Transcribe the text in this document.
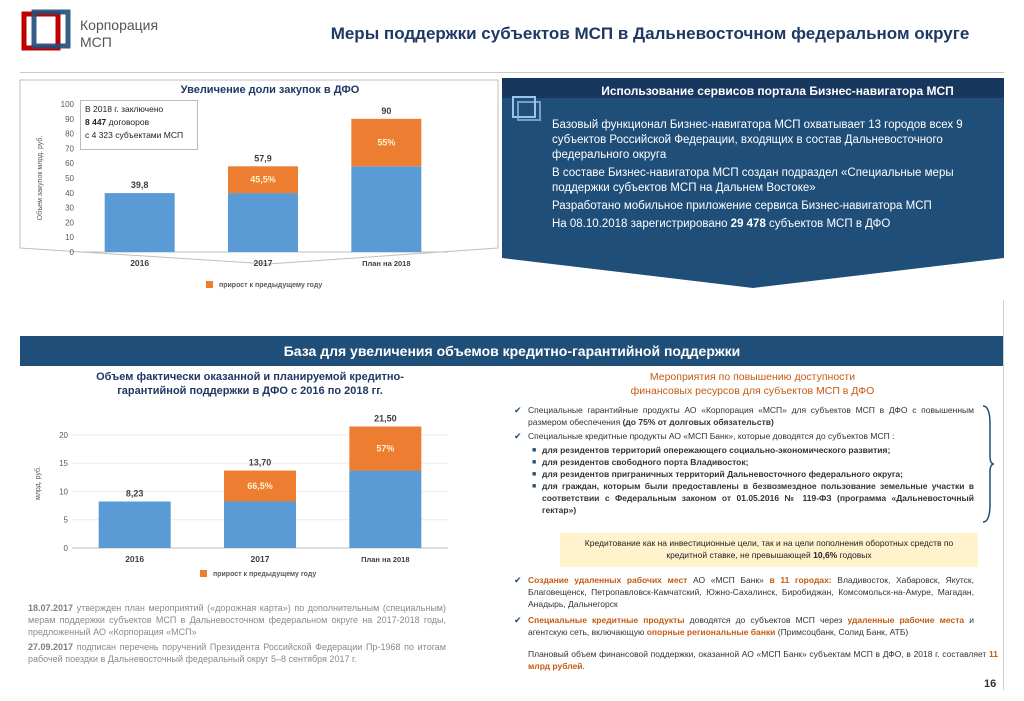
Корпорация
МСП	Меры поддержки субъектов МСП в Дальневосточном федеральном округе
Увеличение доли закупок в ДФО
0
10
20
30
40
50
60
70
80
90
100
Объем закупок млрд. руб.	39,8
2016
45,5%
57,9
2017
55%
90
План на 2018
прирост к предыдущему году
В 2018 г. заключено
8 447 договоров
с 4 323 субъектами МСП
Использование сервисов портала Бизнес-навигатора МСП

Базовый функционал Бизнес-навигатора МСП охватывает 13 городов всех 9 субъектов Российской Федерации, входящих в состав Дальневосточного федерального округа

В составе Бизнес-навигатора МСП создан подраздел «Специальные меры поддержки субъектов МСП на Дальнем Востоке»

Разработано мобильное приложение сервиса Бизнес-навигатора МСП

На 08.10.2018 зарегистрировано 29 478 субъектов МСП в ДФО

База для увеличения объемов кредитно-гарантийной поддержки
Объем фактически оказанной и планируемой кредитно-
гарантийной поддержки в ДФО с 2016 по 2018 гг.
0
5
10
15
20
млрд. руб.	8,23
2016
66,5%
13,70
2017
57%
21,50
План на 2018
прирост к предыдущему году
18.07.2017 утвержден план мероприятий («дорожная карта») по дополнительным (специальным) мерам поддержки субъектов МСП в Дальневосточном федеральном округе на 2017-2018 годы, предложенный АО «Корпорация «МСП»
27.09.2017 подписан перечень поручений Президента Российской Федерации Пр-1968 по итогам рабочей поездки в Дальневосточный федеральный округ 5–8 сентября 2017 г.
Мероприятия по повышению доступности
финансовых ресурсов для субъектов МСП в ДФО
✔ Специальные гарантийные продукты АО «Корпорация «МСП» для субъектов МСП в ДФО с повышенным размером обеспечения (до 75% от долговых обязательств)
✔ Специальные кредитные продукты АО «МСП Банк», которые доводятся до субъектов МСП :
■ для резидентов территорий опережающего социально-экономического развития;
■ для резидентов свободного порта Владивосток;
■ для резидентов приграничных территорий Дальневосточного федерального округа;
■ для граждан, которым были предоставлены в безвозмездное пользование земельные участки в соответствии с Федеральным законом от 01.05.2016 № 119-ФЗ (программа «Дальневосточный гектар»)
Кредитование как на инвестиционные цели, так и на цели пополнения оборотных средств по
кредитной ставке, не превышающей 10,6% годовых
✔ Создание удаленных рабочих мест АО «МСП Банк» в 11 городах: Владивосток, Хабаровск, Якутск, Благовещенск, Петропавловск-Камчатский, Южно-Сахалинск, Биробиджан, Комсомольск-на-Амуре, Магадан, Анадырь, Дальнегорск
✔ Специальные кредитные продукты доводятся до субъектов МСП через удаленные рабочие места и агентскую сеть, включающую опорные региональные банки (Примсоцбанк, Солид Банк, АТБ)
Плановый объем финансовой поддержки, оказанной АО «МСП Банк» субъектам МСП в ДФО, в 2018 г. составляет 11 млрд рублей.
16
